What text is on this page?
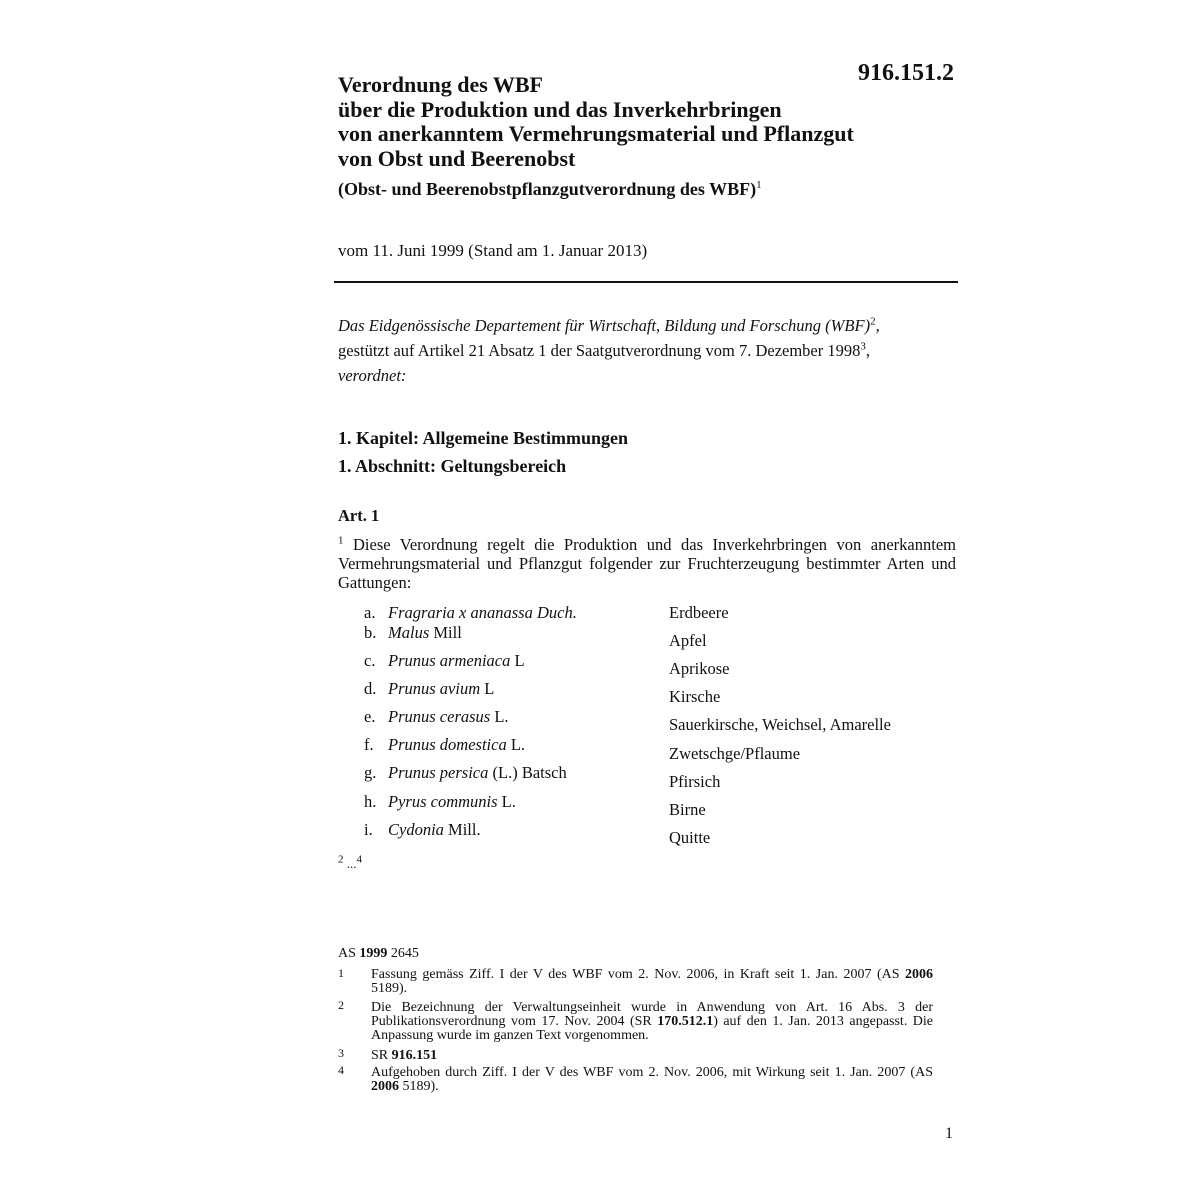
916.151.2
Verordnung des WBF
über die Produktion und das Inverkehrbringen
von anerkanntem Vermehrungsmaterial und Pflanzgut
von Obst und Beerenobst
(Obst- und Beerenobstpflanzgutverordnung des WBF)$^1$
vom 11. Juni 1999 (Stand am 1. Januar 2013)
Das Eidgenössische Departement für Wirtschaft, Bildung und Forschung (WBF)$^2$,
gestützt auf Artikel 21 Absatz 1 der Saatgutverordnung vom 7. Dezember 1998$^3$,
verordnet:
1. Kapitel: Allgemeine Bestimmungen
1. Abschnitt: Geltungsbereich
Art. 1
$^1$ Diese Verordnung regelt die Produktion und das Inverkehrbringen von anerkanntem Vermehrungsmaterial und Pflanzgut folgender zur Fruchterzeugung bestimmter Arten und Gattungen:
a. Fragraria x ananassa Duch.	Erdbeere
b. Malus Mill	Apfel
c. Prunus armeniaca L	Aprikose
d. Prunus avium L	Kirsche
e. Prunus cerasus L.	Sauerkirsche, Weichsel, Amarelle
f. Prunus domestica L.	Zwetschge/Pflaume
g. Prunus persica (L.) Batsch	Pfirsich
h. Pyrus communis L.	Birne
i. Cydonia Mill.	Quitte
$^2$ ...$^4$
AS 1999 2645
1 Fassung gemäss Ziff. I der V des WBF vom 2. Nov. 2006, in Kraft seit 1. Jan. 2007 (AS 2006 5189).
2 Die Bezeichnung der Verwaltungseinheit wurde in Anwendung von Art. 16 Abs. 3 der Publikationsverordnung vom 17. Nov. 2004 (SR 170.512.1) auf den 1. Jan. 2013 angepasst. Die Anpassung wurde im ganzen Text vorgenommen.
3 SR 916.151
4 Aufgehoben durch Ziff. I der V des WBF vom 2. Nov. 2006, mit Wirkung seit 1. Jan. 2007 (AS 2006 5189).
1
